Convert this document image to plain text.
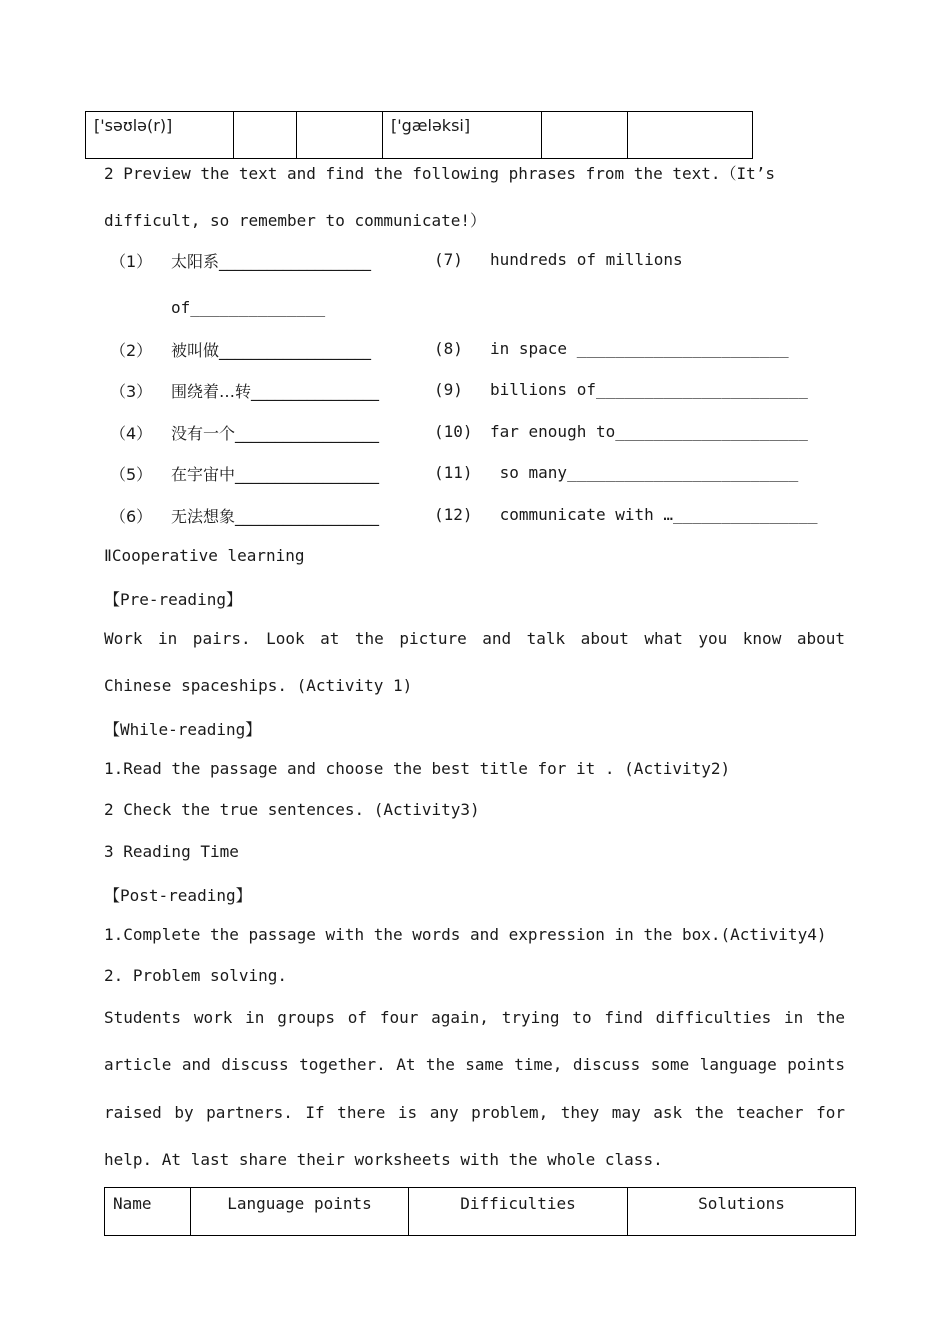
['səʊlə(r)]			['gæləksi]		
2 Preview the text and find the following phrases from the text.（It’s
difficult, so remember to communicate!）
（1） 太阳系___________________
of______________
（2） 被叫做___________________
（3） 围绕着…转________________
（4） 没有一个__________________
（5） 在宇宙中__________________
（6） 无法想象__________________
(7) hundreds of millions
(8) in space ______________________
(9) billions of______________________
(10) far enough to____________________
(11) so many________________________
(12) communicate with …_______________
ⅡCooperative learning
【Pre-reading】
Work in pairs. Look at the picture and talk about what you know about
Chinese spaceships. (Activity 1)
【While-reading】
1.Read the passage and choose the best title for it . (Activity2)
2 Check the true sentences. (Activity3)
3 Reading Time
【Post-reading】
1.Complete the passage with the words and expression in the box.(Activity4)
2. Problem solving.
Students work in groups of four again, trying to find difficulties in the
article and discuss together. At the same time, discuss some language points
raised by partners. If there is any problem, they may ask the teacher for
help. At last share their worksheets with the whole class.
Name	Language points	Difficulties	Solutions
